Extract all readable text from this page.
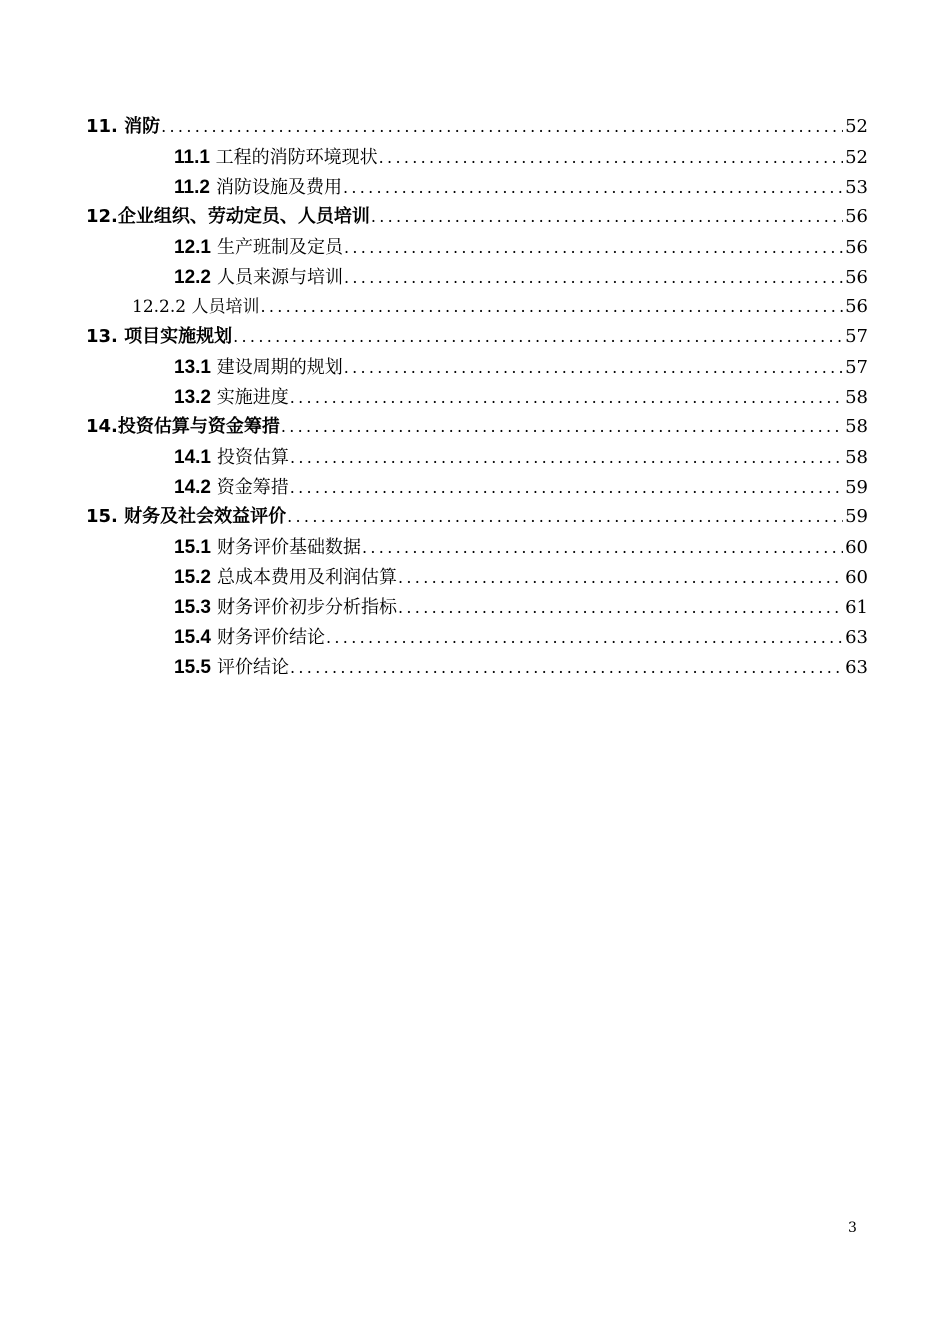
11. 消防 .....	52
11.1 工程的消防环境现状 .....	52
11.2 消防设施及费用 .....	53
12.企业组织、劳动定员、人员培训 .....	56
12.1 生产班制及定员 .....	56
12.2 人员来源与培训 .....	56
12.2.2 人员培训 .....	56
13. 项目实施规划 .....	57
13.1 建设周期的规划 .....	57
13.2 实施进度 .....	58
14.投资估算与资金筹措 .....	58
14.1 投资估算 .....	58
14.2 资金筹措 .....	59
15. 财务及社会效益评价 .....	59
15.1 财务评价基础数据 .....	60
15.2 总成本费用及利润估算 .....	60
15.3 财务评价初步分析指标 .....	61
15.4 财务评价结论 .....	63
15.5 评价结论 .....	63
3
